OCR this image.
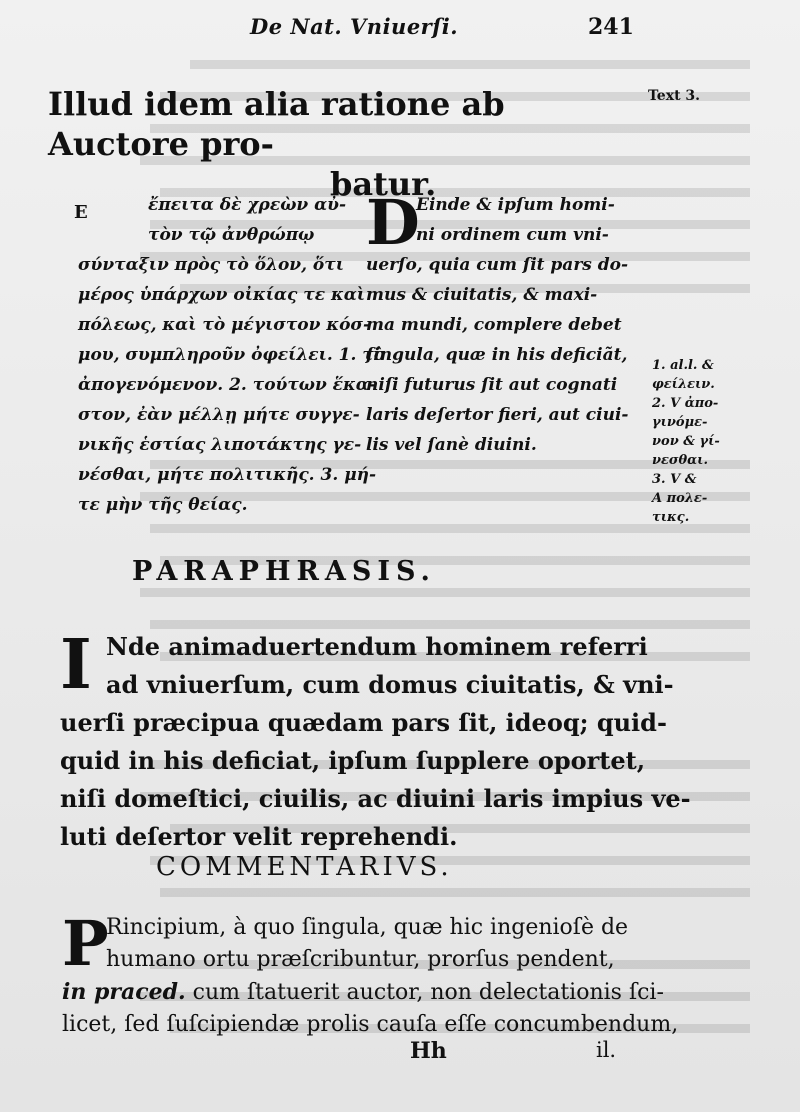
De Nat. Vniuerſi.	241
Illud idem alia ratione ab Auctore pro-
batur.
Text 3.
E	ἔπειτα δὲ χρεὼν αὐ-
τὸν τῷ ἀνθρώπῳ
σύνταξιν πρὸς τὸ ὅλον, ὅτι
μέρος ὑπάρχων οἰκίας τε καὶ
πόλεως, καὶ τὸ μέγιστον κόσ-
μου, συμπληροῦν ὀφείλει. 1. τὸ
ἀπογενόμενον. 2. τούτων ἕκα-
στον, ἐὰν μέλλῃ μήτε συγγε-
νικῆς ἑστίας λιποτάκτης γε-
νέσθαι, μήτε πολιτικῆς. 3. μή-
τε μὴν τῆς θείας.
D
Einde & ipſum homi-
ni ordinem cum vni-
uerſo, quia cum ſit pars do-
mus & ciuitatis, & maxi-
ma mundi, complere debet
ſingula, quæ in his deficiãt,
niſi futurus ſit aut cognati
laris deſertor fieri, aut ciui-
lis vel ſanè diuini.
1. al.l. &
φείλειν.
2. V ἀπο-
γινόμε-
νον & γί-
νεσθαι.
3. V &
A πολε-
τικς.
PARAPHRASIS.
I Nde animaduertendum hominem referri
ad vniuerſum, cum domus ciuitatis, & vni-
uerſi præcipua quædam pars ſit, ideoq; quid-
quid in his deficiat, ipſum ſupplere oportet,
niſi domeſtici, ciuilis, ac diuini laris impius ve-
luti deſertor velit reprehendi.
COMMENTARIVS.
P
Rincipium, à quo ſingula, quæ hic ingenioſè de
humano ortu præſcribuntur, prorſus pendent,
in praced. cum ſtatuerit auctor, non delectationis ſci-
licet, ſed ſuſcipiendæ prolis cauſa eſſe concumbendum,
Hh	il.
